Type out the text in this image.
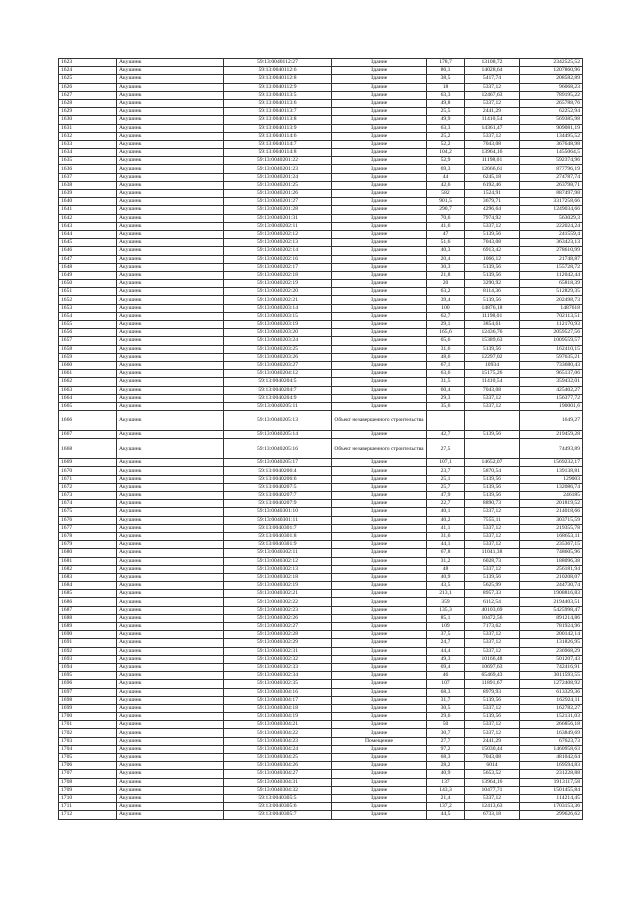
1623	Акушинк	59:13:0040112:27	Здание	178,7	13108,72	2342525,52
1624	Акушинк	59:13:0040112:6	Здание	86,1	14028,64	1207860,96
1625	Акушинк	59:13:0040112:8	Здание	38,5	5417,74	208582,89
1626	Акушинк	59:13:0040112:9	Здание	18	5337,12	96068,23
1627	Акушинк	59:13:0040113:5	Здание	63,3	12467,63	789195,22
1628	Акушинк	59:13:0040113:6	Здание	49,8	5337,12	265788,76
1629	Акушинк	59:13:0040113:7	Здание	25,5	2441,29	62252,94
1630	Акушинк	59:13:0040113:8	Здание	49,9	11410,54	569385,98
1631	Акушинк	59:13:0040113:9	Здание	63,3	14361,47	909081,19
1632	Акушинк	59:13:0040114:6	Здание	25,2	5337,12	134495,52
1633	Акушинк	59:13:0040114:7	Здание	52,2	7043,08	367648,98
1634	Акушинк	59:13:0040114:8	Здание	104,2	13964,16	1455064,5
1635	Акушинк	59:13:0040201:22	Здание	52,9	11198,01	592374,96
1636	Акушинк	59:13:0040201:23	Здание	69,3	12666,61	877796,19
1637	Акушинк	59:13:0040201:24	Здание	44	6245,18	274787,74
1638	Акушинк	59:13:0040201:25	Здание	42,6	6192,46	263798,71
1639	Акушинк	59:13:0040201:26	Здание	582	1524,91	887497,98
1640	Акушинк	59:13:0040201:27	Здание	901,5	3679,71	3317258,66
1641	Акушинк	59:13:0040201:28	Здание	290,7	4296,64	1249034,66
1642	Акушинк	59:13:0040201:31	Здание	70,6	7974,92	563029,3
1643	Акушинк	59:13:0040202:11	Здание	41,6	5337,12	222024,24
1644	Акушинк	59:13:0040202:12	Здание	47	5139,56	241559,4
1645	Акушинк	59:13:0040202:13	Здание	51,6	7043,08	363423,13
1646	Акушинк	59:13:0040202:14	Здание	40,3	6913,42	278610,99
1647	Акушинк	59:13:0040202:16	Здание	20,4	1066,12	21748,87
1648	Акушинк	59:13:0040202:17	Здание	30,3	5139,56	155728,72
1649	Акушинк	59:13:0040202:18	Здание	21,8	5139,56	112042,44
1650	Акушинк	59:13:0040202:19	Здание	20	3290,92	65818,39
1651	Акушинк	59:13:0040202:20	Здание	63,2	8114,36	512829,35
1652	Акушинк	59:13:0040202:21	Здание	39,4	5139,56	202498,73
1653	Акушинк	59:13:0040203:14	Здание	100	14876,18	1487618
1654	Акушинк	59:13:0040203:15	Здание	62,7	11198,01	702113,51
1655	Акушинк	59:13:0040203:19	Здание	29,1	3854,61	112170,93
1656	Акушинк	59:13:0040203:20	Здание	165,6	12436,76	2059527,56
1657	Акушинк	59:13:0040203:24	Здание	65,6	15389,63	1009559,57
1658	Акушинк	59:13:0040203:25	Здание	31,6	5139,56	162410,15
1659	Акушинк	59:13:0040203:26	Здание	48,6	12297,02	597635,21
1660	Акушинк	59:13:0040203:27	Здание	67,1	10934	733680,43
1661	Акушинк	59:13:0040204:12	Здание	63,6	15175,26	965137,06
1662	Акушинк	59:13:0040204:5	Здание	31,5	11410,54	359432,01
1663	Акушинк	59:13:0040204:7	Здание	60,4	7043,08	425402,27
1664	Акушинк	59:13:0040204:9	Здание	29,3	5337,12	156377,72
1665	Акушинк	59:13:0040205:11	Здание	35,6	5337,12	190001,6
1666	Акушинк	59:13:0040205:13	Объект незавершенного строительства			1649,27
1667	Акушинк	59:13:0040205:14	Здание	42,7	5139,56	219459,28
1668	Акушинк	59:13:0040205:16	Объект незавершенного строительства	27,5		74493,89
1669	Акушинк	59:13:0040205:17	Здание	107,1	14652,07	1569232,17
1670	Акушинк	59:13:0040206:4	Здание	23,7	5870,54	139138,81
1671	Акушинк	59:13:0040206:6	Здание	25,1	5139,56	129003
1672	Акушинк	59:13:0040207:5	Здание	25,7	5139,56	132086,74
1673	Акушинк	59:13:0040207:7	Здание	47,9	5139,56	246185
1674	Акушинк	59:13:0040207:9	Здание	22,7	8890,73	201819,52
1675	Акушинк	59:13:0040301:10	Здание	40,1	5337,12	214018,66
1676	Акушинк	59:13:0040301:11	Здание	40,2	7555,11	303715,59
1677	Акушинк	59:13:0040301:7	Здание	41,1	5337,12	219355,78
1678	Акушинк	59:13:0040301:8	Здание	31,6	5337,12	168653,11
1679	Акушинк	59:13:0040301:9	Здание	44,1	5337,12	235367,15
1680	Акушинк	59:13:0040302:11	Здание	67,8	11041,38	748605,96
1681	Акушинк	59:13:0040302:12	Здание	31,2	6028,73	188096,38
1682	Акушинк	59:13:0040302:13	Здание	48	5337,12	256181,94
1683	Акушинк	59:13:0040302:18	Здание	40,9	5139,56	210208,07
1684	Акушинк	59:13:0040302:19	Здание	43,5	5625,99	244730,74
1685	Акушинк	59:13:0040302:21	Здание	213,1	8957,33	1908816,83
1686	Акушинк	59:13:0040302:22	Здание	359	6112,54	2194403,51
1687	Акушинк	59:13:0040302:23	Здание	135,3	40103,69	5425998,47
1688	Акушинк	59:13:0040302:26	Здание	85,1	10472,56	891214,86
1689	Акушинк	59:13:0040302:27	Здание	109	7173,62	781924,96
1690	Акушинк	59:13:0040302:28	Здание	37,5	5337,12	200142,14
1691	Акушинк	59:13:0040302:29	Здание	24,7	5337,12	131826,95
1692	Акушинк	59:13:0040302:31	Здание	44,4	5337,12	236968,29
1693	Акушинк	59:13:0040302:32	Здание	49,3	10166,48	501207,43
1694	Акушинк	59:13:0040302:33	Здание	69,4	10697,63	742416,91
1695	Акушинк	59:13:0040302:34	Здание	46	65469,43	3011593,55
1696	Акушинк	59:13:0040302:35	Здание	107	11891,67	1272408,92
1697	Акушинк	59:13:0040304:16	Здание	68,3	8979,93	613329,36
1698	Акушинк	59:13:0040304:17	Здание	31,7	5139,56	162924,11
1699	Акушинк	59:13:0040304:18	Здание	30,5	5337,12	162782,27
1700	Акушинк	59:13:0040304:19	Здание	29,6	5139,56	152131,03
1701	Акушинк	59:13:0040304:21	Здание	50	5337,12	266856,18
1702	Акушинк	59:13:0040304:22	Здание	30,7	5337,12	163849,69
1703	Акушинк	59:13:0040304:23	Помещение	27,7	2441,29	67623,73
1704	Акушинк	59:13:0040304:24	Здание	97,2	15030,44	1460958,63
1705	Акушинк	59:13:0040304:25	Здание	68,3	7043,08	481042,64
1706	Акушинк	59:13:0040304:26	Здание	28,2	6014	169594,83
1707	Акушинк	59:13:0040304:27	Здание	40,9	5653,52	231228,88
1708	Акушинк	59:13:0040304:31	Здание	137	13964,16	1913117,58
1709	Акушинк	59:13:0040304:32	Здание	143,3	10477,71	1501455,84
1710	Акушинк	59:13:0040305:5	Здание	21,4	5337,12	114214,45
1711	Акушинк	59:13:0040305:6	Здание	137,2	12413,63	1703153,36
1712	Акушинк	59:13:0040305:7	Здание	44,5	6733,18	299626,62
